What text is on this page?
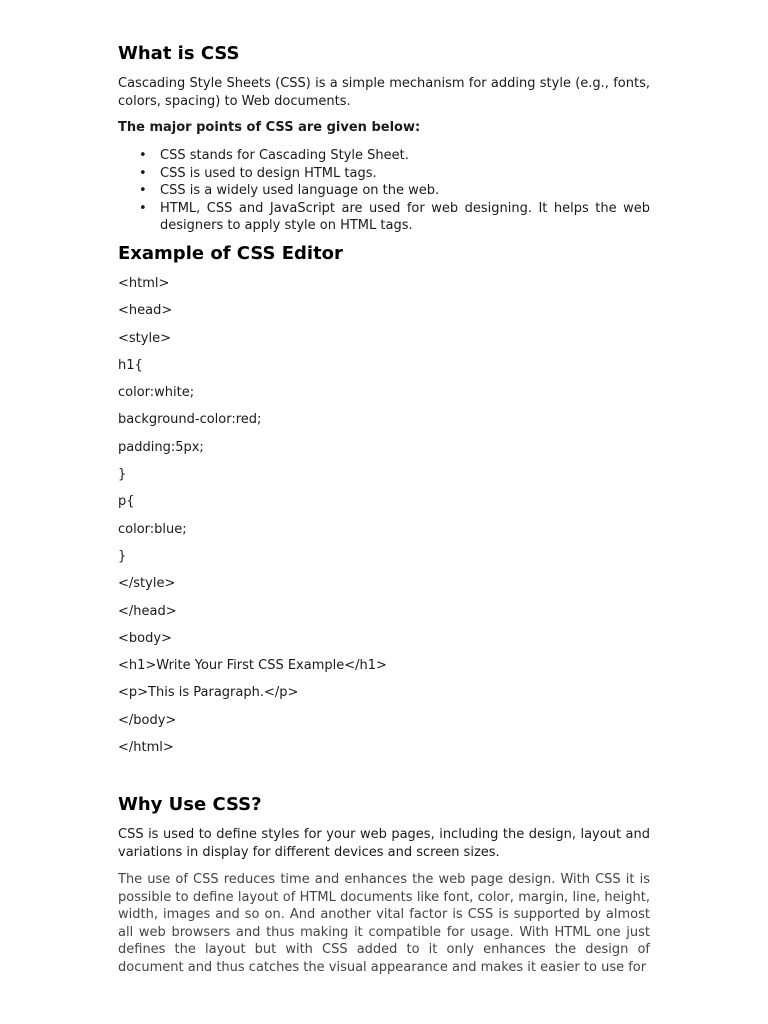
What is CSS

Cascading Style Sheets (CSS) is a simple mechanism for adding style (e.g., fonts, colors, spacing) to Web documents.

The major points of CSS are given below:

• CSS stands for Cascading Style Sheet.
• CSS is used to design HTML tags.
• CSS is a widely used language on the web.
• HTML, CSS and JavaScript are used for web designing. It helps the web designers to apply style on HTML tags.
Example of CSS Editor
<html>
<head>
<style>
h1{
color:white;
background-color:red;
padding:5px;
}
p{
color:blue;
}
</style>
</head>
<body>
<h1>Write Your First CSS Example</h1>
<p>This is Paragraph.</p>
</body>
</html>
Why Use CSS?

CSS is used to define styles for your web pages, including the design, layout and variations in display for different devices and screen sizes.

The use of CSS reduces time and enhances the web page design. With CSS it is possible to define layout of HTML documents like font, color, margin, line, height, width, images and so on. And another vital factor is CSS is supported by almost all web browsers and thus making it compatible for usage. With HTML one just defines the layout but with CSS added to it only enhances the design of document and thus catches the visual appearance and makes it easier to use for
